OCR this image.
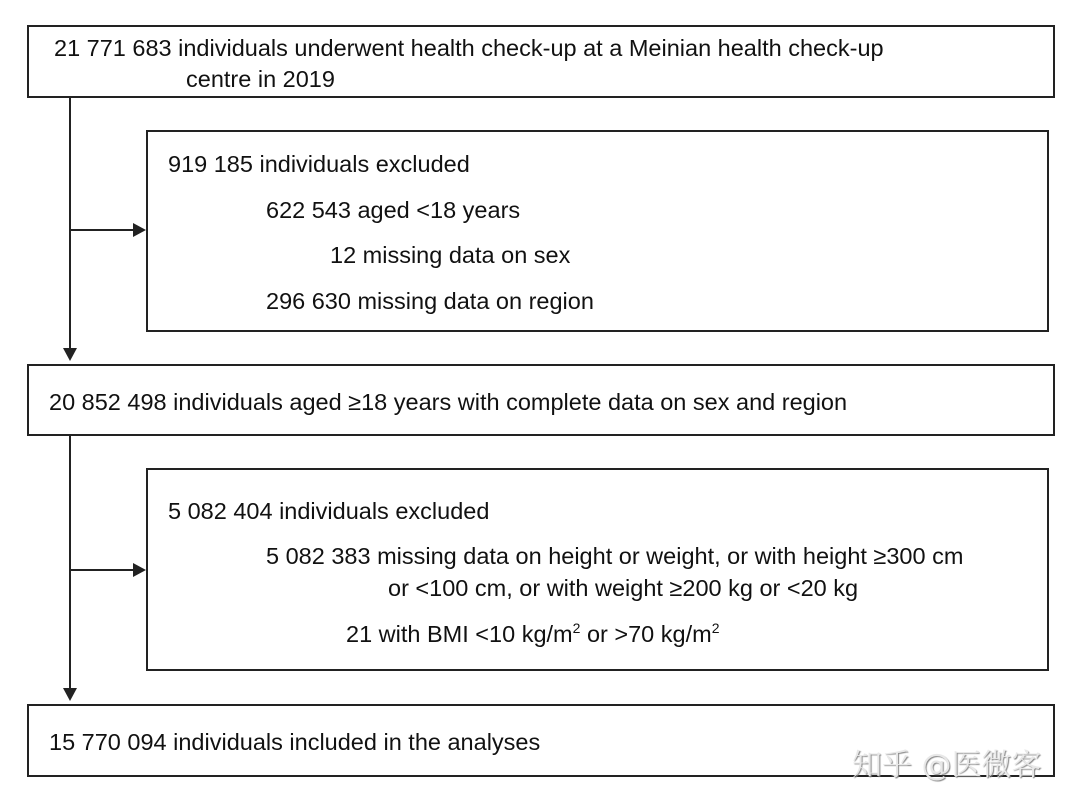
21 771 683 individuals underwent health check-up at a Meinian health check-up
centre in 2019
919 185 individuals excluded
622 543 aged <18 years
12 missing data on sex
296 630 missing data on region
20 852 498 individuals aged ≥18 years with complete data on sex and region
5 082 404 individuals excluded
5 082 383 missing data on height or weight, or with height ≥300 cm
or <100 cm, or with weight ≥200 kg or <20 kg
21 with BMI <10 $kg/m^2$ or >70 $kg/m^2$
15 770 094 individuals included in the analyses
知乎 @医微客
